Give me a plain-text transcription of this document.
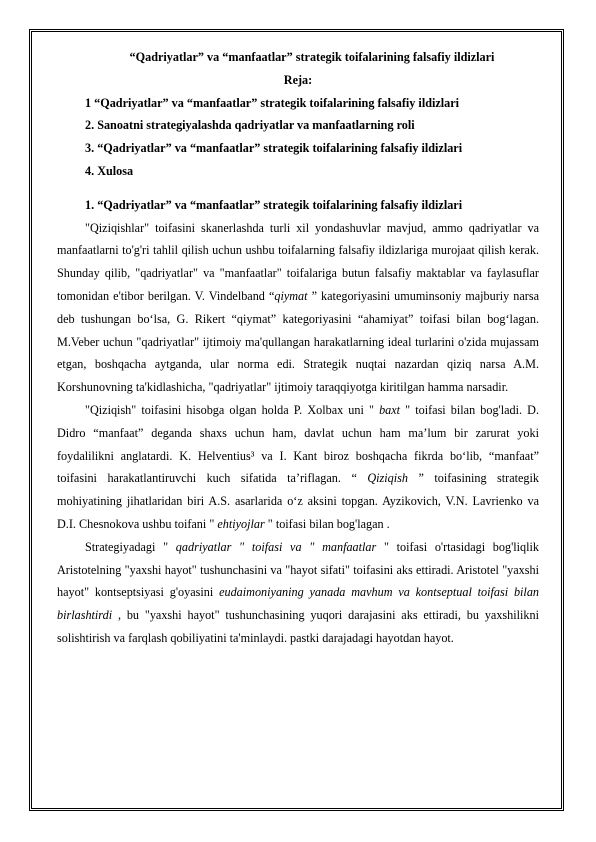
“Qadriyatlar” va “manfaatlar” strategik toifalarining falsafiy ildizlari
Reja:
1 “Qadriyatlar” va “manfaatlar” strategik toifalarining falsafiy ildizlari
2. Sanoatni strategiyalashda qadriyatlar va manfaatlarning roli
3. “Qadriyatlar” va “manfaatlar” strategik toifalarining falsafiy ildizlari
4. Xulosa
1. “Qadriyatlar” va “manfaatlar” strategik toifalarining falsafiy ildizlari

"Qiziqishlar" toifasini skanerlashda turli xil yondashuvlar mavjud, ammo qadriyatlar va manfaatlarni to'g'ri tahlil qilish uchun ushbu toifalarning falsafiy ildizlariga murojaat qilish kerak. Shunday qilib, "qadriyatlar" va "manfaatlar" toifalariga butun falsafiy maktablar va faylasuflar tomonidan e'tibor berilgan. V. Vindelband “qiymat ” kategoriyasini umuminsoniy majburiy narsa deb tushungan bo‘lsa, G. Rikert “qiymat” kategoriyasini “ahamiyat” toifasi bilan bog‘lagan. M.Veber uchun "qadriyatlar" ijtimoiy ma'qullangan harakatlarning ideal turlarini o'zida mujassam etgan, boshqacha aytganda, ular norma edi. Strategik nuqtai nazardan qiziq narsa A.M. Korshunovning ta'kidlashicha, "qadriyatlar" ijtimoiy taraqqiyotga kiritilgan hamma narsadir.

"Qiziqish" toifasini hisobga olgan holda P. Xolbax uni " baxt " toifasi bilan bog'ladi. D. Didro “manfaat” deganda shaxs uchun ham, davlat uchun ham ma’lum bir zarurat yoki foydalilikni anglatardi. K. Helventius³ va I. Kant biroz boshqacha fikrda bo‘lib, “manfaat” toifasini harakatlantiruvchi kuch sifatida ta’riflagan. “ Qiziqish ” toifasining strategik mohiyatining jihatlaridan biri A.S. asarlarida o‘z aksini topgan. Ayzikovich, V.N. Lavrienko va D.I. Chesnokova ushbu toifani " ehtiyojlar " toifasi bilan bog'lagan .

Strategiyadagi " qadriyatlar " toifasi va " manfaatlar " toifasi o'rtasidagi bog'liqlik Aristotelning "yaxshi hayot" tushunchasini va "hayot sifati" toifasini aks ettiradi. Aristotel "yaxshi hayot" kontseptsiyasi g'oyasini eudaimoniyaning yanada mavhum va kontseptual toifasi bilan birlashtirdi , bu "yaxshi hayot" tushunchasining yuqori darajasini aks ettiradi, bu yaxshilikni solishtirish va farqlash qobiliyatini ta'minlaydi. pastki darajadagi hayotdan hayot.
